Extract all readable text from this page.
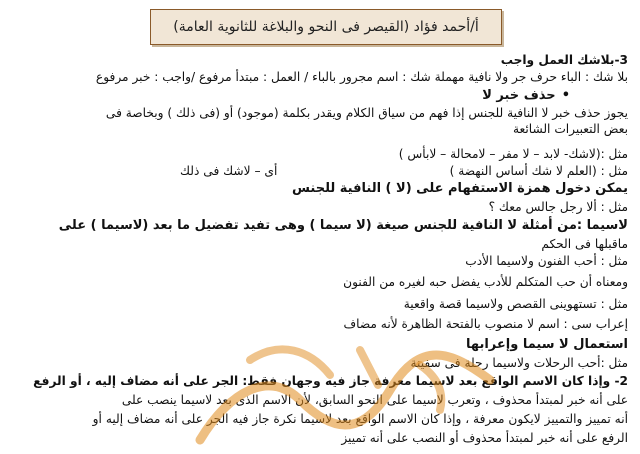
أ/أحمد فؤاد (القيصر فى النحو والبلاغة للثانوية العامة)
3-بلاشك العمل واجب
بلا شك : الباء حرف جر ولا نافية مهملة شك : اسم مجرور بالباء / العمل : مبتدأ مرفوع /واجب : خبر مرفوع
• حذف خبر لا
يجوز حذف خبر لا النافية للجنس إذا فهم من سياق الكلام ويقدر بكلمة (موجود) أو (فى ذلك ) وبخاصة فى
بعض التعبيرات الشائعة
مثل :(لاشك- لابد – لا مفر – لامحالة – لابأس )
مثل : (العلم لا شك أساس النهضة )
أى – لاشك فى ذلك
يمكن دخول همزة الاستفهام على (لا ) النافية للجنس
مثل : ألا رجل جالس معك ؟
لاسيما :من أمثلة لا النافية للجنس صيغة (لا سيما ) وهى تفيد تفضيل ما بعد (لاسيما ) على
ماقبلها فى الحكم
مثل : أحب الفنون ولاسيما الأدب
ومعناه أن حب المتكلم للأدب يفضل حبه لغيره من الفنون
مثل : تستهوينى القصص ولاسيما قصة واقعية
إعراب سى : اسم لا منصوب بالفتحة الظاهرة لأنه مضاف
استعمال لا سيما وإعرابها
مثل :أحب الرحلات ولاسيما رحلة فى سفينة
2- وإذا كان الاسم الواقع بعد لاسيما معرفة جاز فيه وجهان فقط: الجر على أنه مضاف إليه ، أو الرفع
على أنه خبر لمبتدأ محذوف ، وتعرب لاسيما على النحو السابق، لأن الاسم الذى بعد لاسيما ينصب على
أنه تمييز والتمييز لايكون معرفة ، وإذا كان الاسم الواقع بعد لاسيما نكرة جاز فيه الجر على أنه مضاف إليه أو
الرفع على أنه خبر لمبتدأ محذوف أو النصب على أنه تمييز
